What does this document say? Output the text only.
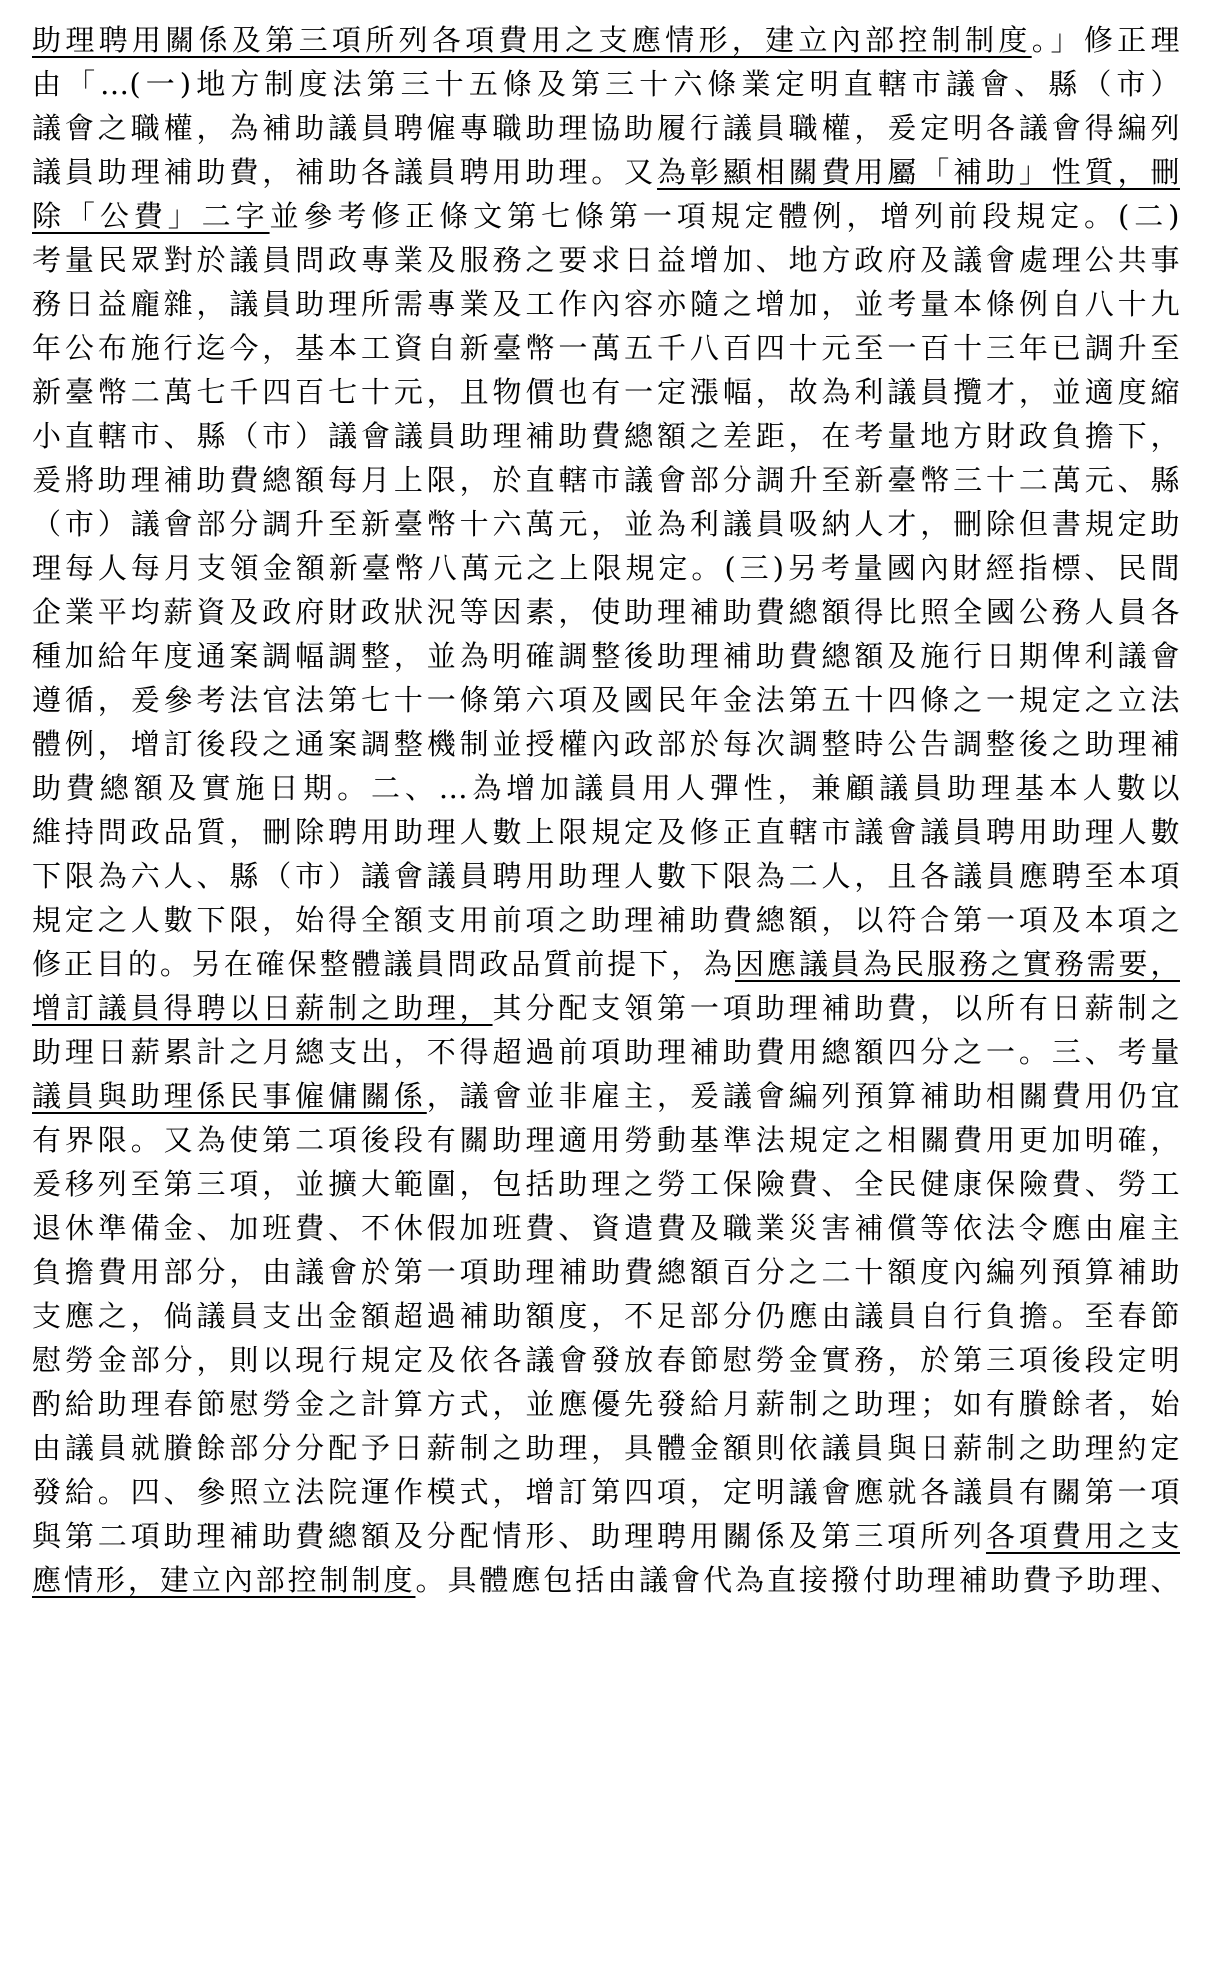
助理聘用關係及第三項所列各項費用之支應情形，建立內部控制制度。」修正理
由「...(一)地方制度法第三十五條及第三十六條業定明直轄市議會、縣（市）
議會之職權，為補助議員聘僱專職助理協助履行議員職權，爰定明各議會得編列
議員助理補助費，補助各議員聘用助理。又為彰顯相關費用屬「補助」性質，刪
除「公費」二字並參考修正條文第七條第一項規定體例，增列前段規定。(二)
考量民眾對於議員問政專業及服務之要求日益增加、地方政府及議會處理公共事
務日益龐雜，議員助理所需專業及工作內容亦隨之增加，並考量本條例自八十九
年公布施行迄今，基本工資自新臺幣一萬五千八百四十元至一百十三年已調升至
新臺幣二萬七千四百七十元，且物價也有一定漲幅，故為利議員攬才，並適度縮
小直轄市、縣（市）議會議員助理補助費總額之差距，在考量地方財政負擔下，
爰將助理補助費總額每月上限，於直轄市議會部分調升至新臺幣三十二萬元、縣
（市）議會部分調升至新臺幣十六萬元，並為利議員吸納人才，刪除但書規定助
理每人每月支領金額新臺幣八萬元之上限規定。(三)另考量國內財經指標、民間
企業平均薪資及政府財政狀況等因素，使助理補助費總額得比照全國公務人員各
種加給年度通案調幅調整，並為明確調整後助理補助費總額及施行日期俾利議會
遵循，爰參考法官法第七十一條第六項及國民年金法第五十四條之一規定之立法
體例，增訂後段之通案調整機制並授權內政部於每次調整時公告調整後之助理補
助費總額及實施日期。二、...為增加議員用人彈性，兼顧議員助理基本人數以
維持問政品質，刪除聘用助理人數上限規定及修正直轄市議會議員聘用助理人數
下限為六人、縣（市）議會議員聘用助理人數下限為二人，且各議員應聘至本項
規定之人數下限，始得全額支用前項之助理補助費總額，以符合第一項及本項之
修正目的。另在確保整體議員問政品質前提下，為因應議員為民服務之實務需要，
增訂議員得聘以日薪制之助理，其分配支領第一項助理補助費，以所有日薪制之
助理日薪累計之月總支出，不得超過前項助理補助費用總額四分之一。三、考量
議員與助理係民事僱傭關係，議會並非雇主，爰議會編列預算補助相關費用仍宜
有界限。又為使第二項後段有關助理適用勞動基準法規定之相關費用更加明確，
爰移列至第三項，並擴大範圍，包括助理之勞工保險費、全民健康保險費、勞工
退休準備金、加班費、不休假加班費、資遣費及職業災害補償等依法令應由雇主
負擔費用部分，由議會於第一項助理補助費總額百分之二十額度內編列預算補助
支應之，倘議員支出金額超過補助額度，不足部分仍應由議員自行負擔。至春節
慰勞金部分，則以現行規定及依各議會發放春節慰勞金實務，於第三項後段定明
酌給助理春節慰勞金之計算方式，並應優先發給月薪制之助理；如有賸餘者，始
由議員就賸餘部分分配予日薪制之助理，具體金額則依議員與日薪制之助理約定
發給。四、參照立法院運作模式，增訂第四項，定明議會應就各議員有關第一項
與第二項助理補助費總額及分配情形、助理聘用關係及第三項所列各項費用之支
應情形，建立內部控制制度。具體應包括由議會代為直接撥付助理補助費予助理、
